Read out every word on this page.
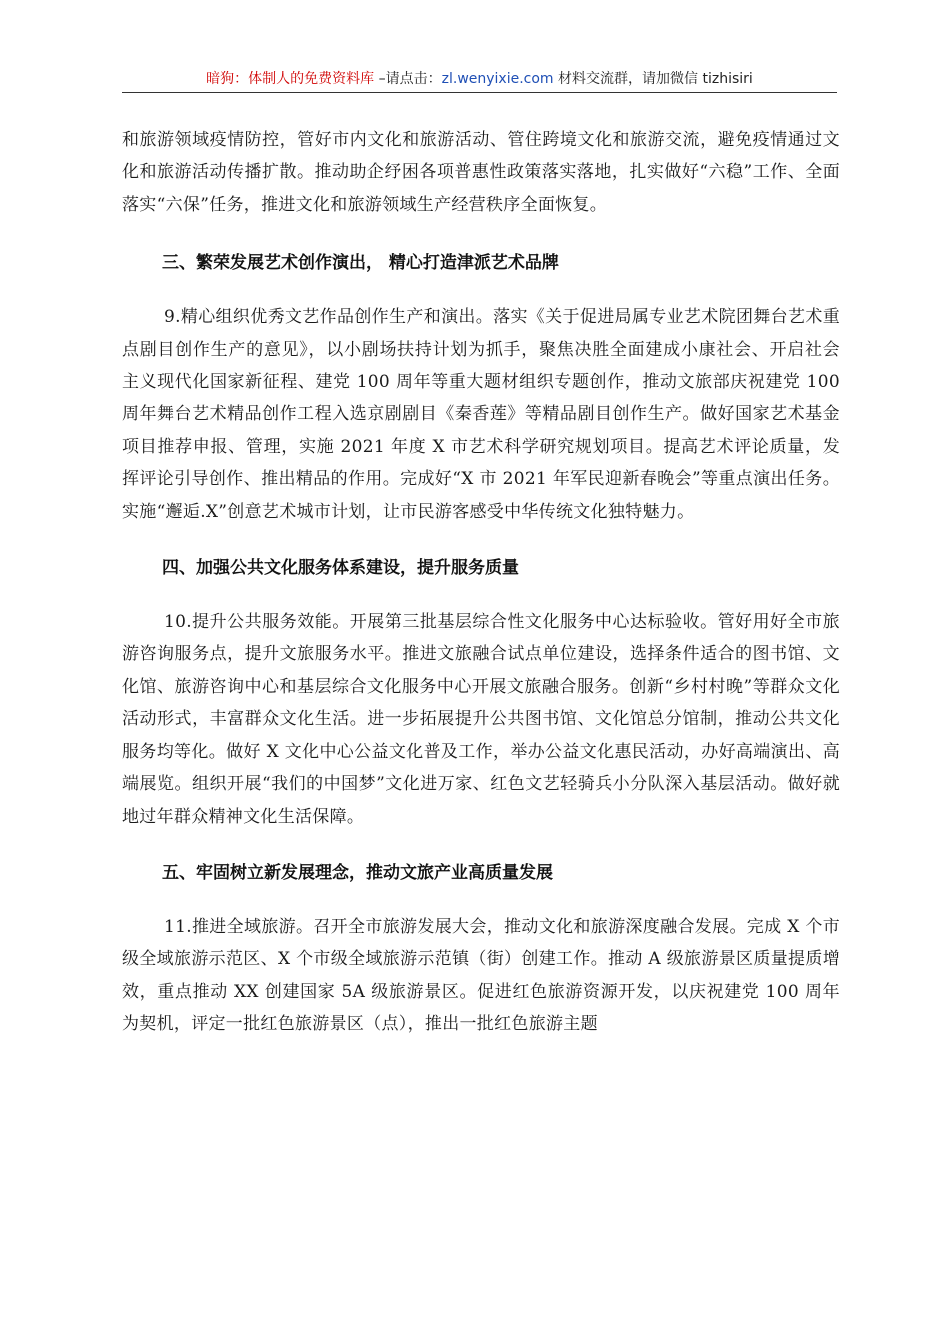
暗狗：体制人的免费资料库 –请点击：zl.wenyixie.com 材料交流群，请加微信 tizhisiri

和旅游领域疫情防控，管好市内文化和旅游活动、管住跨境文化和旅游交流，避免疫情通过文化和旅游活动传播扩散。推动助企纾困各项普惠性政策落实落地，扎实做好“六稳”工作、全面落实“六保”任务，推进文化和旅游领域生产经营秩序全面恢复。

三、繁荣发展艺术创作演出， 精心打造津派艺术品牌

9.精心组织优秀文艺作品创作生产和演出。落实《关于促进局属专业艺术院团舞台艺术重点剧目创作生产的意见》，以小剧场扶持计划为抓手，聚焦决胜全面建成小康社会、开启社会主义现代化国家新征程、建党 100 周年等重大题材组织专题创作，推动文旅部庆祝建党 100 周年舞台艺术精品创作工程入选京剧剧目《秦香莲》等精品剧目创作生产。做好国家艺术基金项目推荐申报、管理，实施 2021 年度 X 市艺术科学研究规划项目。提高艺术评论质量，发挥评论引导创作、推出精品的作用。完成好“X 市 2021 年军民迎新春晚会”等重点演出任务。实施“邂逅.X”创意艺术城市计划，让市民游客感受中华传统文化独特魅力。

四、加强公共文化服务体系建设，提升服务质量

10.提升公共服务效能。开展第三批基层综合性文化服务中心达标验收。管好用好全市旅游咨询服务点，提升文旅服务水平。推进文旅融合试点单位建设，选择条件适合的图书馆、文化馆、旅游咨询中心和基层综合文化服务中心开展文旅融合服务。创新“乡村村晚”等群众文化活动形式，丰富群众文化生活。进一步拓展提升公共图书馆、文化馆总分馆制，推动公共文化服务均等化。做好 X 文化中心公益文化普及工作，举办公益文化惠民活动，办好高端演出、高端展览。组织开展“我们的中国梦”文化进万家、红色文艺轻骑兵小分队深入基层活动。做好就地过年群众精神文化生活保障。

五、牢固树立新发展理念，推动文旅产业高质量发展

11.推进全域旅游。召开全市旅游发展大会，推动文化和旅游深度融合发展。完成 X 个市级全域旅游示范区、X 个市级全域旅游示范镇（街）创建工作。推动 A 级旅游景区质量提质增效，重点推动 XX 创建国家 5A 级旅游景区。促进红色旅游资源开发，以庆祝建党 100 周年为契机，评定一批红色旅游景区（点），推出一批红色旅游主题
